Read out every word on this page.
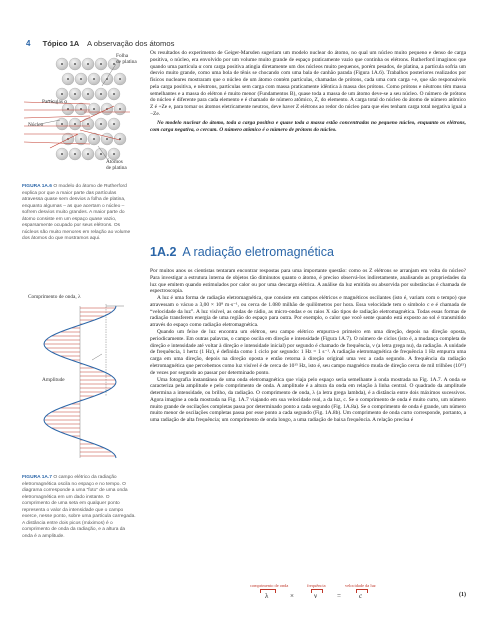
4 Tópico 1A A observação dos átomos
Folha
de platina
Partículas α
Núcleo
Átomos
de platina

FIGURA 1A.6 O modelo do átomo de Rutherford explica por que a maior parte das partículas atravessa quase sem desvios a folha de platina, enquanto algumas – as que acertam o núcleo – sofrem desvios muito grandes. A maior parte do átomo consiste em um espaço quase vazio, esparsamente ocupado por seus elétrons. Os núcleos são muito menores em relação ao volume dos átomos do que mostramos aqui.

Comprimento de onda, λ
Amplitude

FIGURA 1A.7 O campo elétrico da radiação eletromagnética oscila no espaço e no tempo. O diagrama corresponde a uma “foto” de uma onda eletromagnética em um dado instante. O comprimento de uma seta em qualquer ponto representa o valor da intensidade que o campo exerce, nesse ponto, sobre uma partícula carregada. A distância entre dois picos (máximos) é o comprimento de onda da radiação, e a altura da onda é a amplitude.

Os resultados do experimento de Geiger-Marsden sugeriam um modelo nuclear do átomo, no qual um núcleo muito pequeno e denso de carga positiva, o núcleo, era envolvido por um volume muito grande de espaço praticamente vazio que continha os elétrons. Rutherford imaginou que quando uma partícula α com carga positiva atingia diretamente um dos núcleos muito pequenos, porém pesados, de platina, a partícula sofria um desvio muito grande, como uma bola de tênis se chocando com uma bala de canhão parada (Figura 1A.6). Trabalhos posteriores realizados por físicos nucleares mostraram que o núcleo de um átomo contém partículas, chamadas de prótons, cada uma com carga +e, que são responsáveis pela carga positiva, e nêutrons, partículas sem carga com massa praticamente idêntica à massa dos prótons. Como prótons e nêutrons têm massa semelhantes e a massa do elétron é muito menor (Fundamentos B), quase toda a massa de um átomo deve-se a seu núcleo. O número de prótons do núcleo é diferente para cada elemento e é chamado de número atômico, Z, do elemento. A carga total do núcleo do átomo de número atômico Z é +Ze e, para tornar os átomos eletricamente neutros, deve haver Z elétrons ao redor do núcleo para que eles tenham carga total negativa igual a −Ze.

No modelo nuclear do átomo, toda a carga positiva e quase toda a massa estão concentradas no pequeno núcleo, enquanto os elétrons, com carga negativa, o cercam. O número atômico é o número de prótons do núcleo.

1A.2 A radiação eletromagnética

Por muitos anos os cientistas tentaram encontrar respostas para uma importante questão: como os Z elétrons se arranjam em volta do núcleo? Para investigar a estrutura interna de objetos tão diminutos quanto o átomo, é preciso observá-los indiretamente, analisando as propriedades da luz que emitem quando estimulados por calor ou por uma descarga elétrica. A análise da luz emitida ou absorvida por substâncias é chamada de espectroscopia.

A luz é uma forma de radiação eletromagnética, que consiste em campos elétricos e magnéticos oscilantes (isto é, variam com o tempo) que atravessam o vácuo a 3,00 × 10⁸ m·s⁻¹, ou cerca de 1.080 milhão de quilômetros por hora. Essa velocidade tem o símbolo c e é chamada de “velocidade da luz”. A luz visível, as ondas de rádio, as micro-ondas e os raios X são tipos de radiação eletromagnética. Todas essas formas de radiação transferem energia de uma região do espaço para outra. Por exemplo, o calor que você sente quando está exposto ao sol é transmitido através do espaço como radiação eletromagnética.

Quando um feixe de luz encontra um elétron, seu campo elétrico empurra-o primeiro em uma direção, depois na direção oposta, periodicamente. Em outras palavras, o campo oscila em direção e intensidade (Figura 1A.7). O número de ciclos (isto é, a mudança completa de direção e intensidade até voltar à direção e intensidade inicial) por segundo é chamado de frequência, ν (a letra grega nu), da radiação. A unidade de frequência, 1 hertz (1 Hz), é definida como 1 ciclo por segundo: 1 Hz = 1 s⁻¹. A radiação eletromagnética de frequência 1 Hz empurra uma carga em uma direção, depois na direção oposta e então retorna à direção original uma vez a cada segundo. A frequência da radiação eletromagnética que percebemos como luz visível é de cerca de 10¹⁵ Hz, isto é, seu campo magnético muda de direção cerca de mil trilhões (10¹⁵) de vezes por segundo ao passar por determinado ponto.

Uma fotografia instantânea de uma onda eletromagnética que viaja pelo espaço seria semelhante à onda mostrada na Fig. 1A.7. A onda se caracteriza pela amplitude e pelo comprimento de onda. A amplitude é a altura da onda em relação à linha central. O quadrado da amplitude determina a intensidade, ou brilho, da radiação. O comprimento de onda, λ (a letra grega lambda), é a distância entre dois máximos sucessivos. Agora imagine a onda mostrada na Fig. 1A.7 viajando em sua velocidade real, a da luz, c. Se o comprimento de onda é muito curto, um número muito grande de oscilações completas passa por determinado ponto a cada segundo (Fig. 1A.8a). Se o comprimento de onda é grande, um número muito menor de oscilações completas passa por esse ponto a cada segundo (Fig. 1A.8b). Um comprimento de onda curto corresponde, portanto, a uma radiação de alta frequência; um comprimento de onda longo, a uma radiação de baixa frequência. A relação precisa é

comprimento de onda	frequência	velocidade da luz
λ	×	ν	=	c	(1)
